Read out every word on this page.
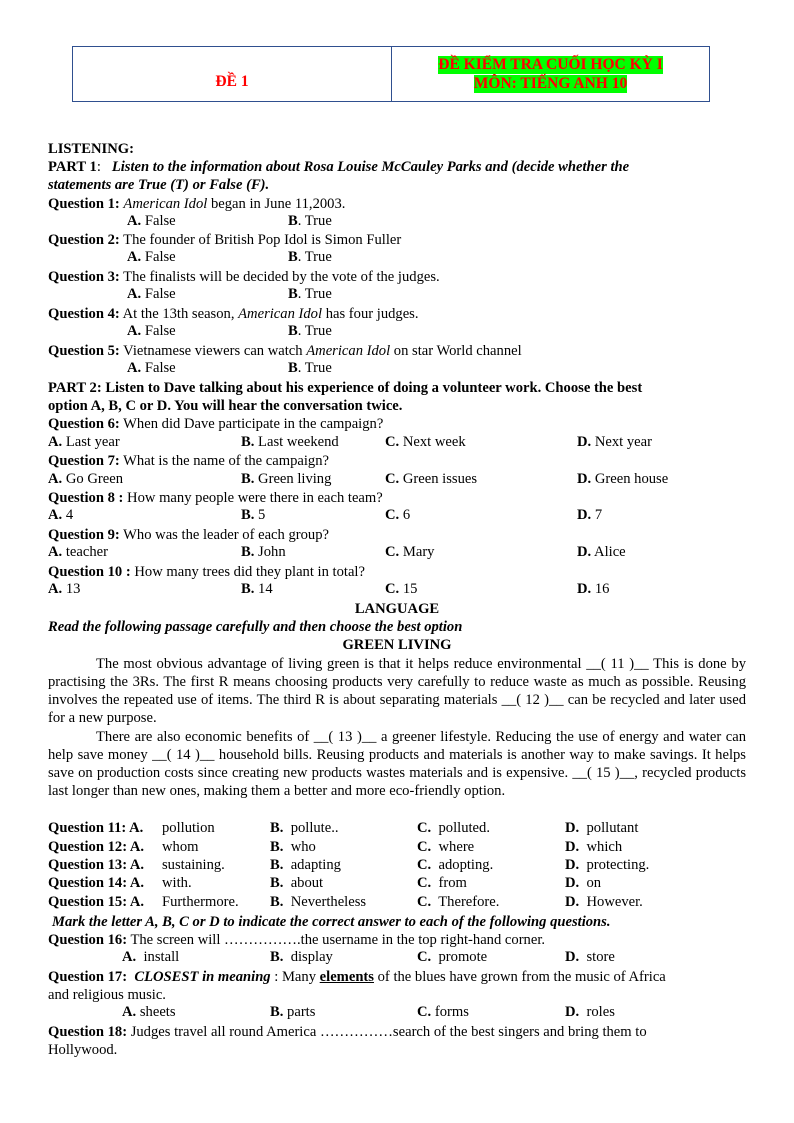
ĐỀ 1
ĐỀ KIỂM TRA CUỐI HỌC KỲ I
MÔN: TIẾNG ANH 10
LISTENING:
PART 1: Listen to the information about Rosa Louise McCauley Parks and (decide whether the
statements are True (T) or False (F).
Question 1: American Idol began in June 11,2003.
A. False	B. True
Question 2: The founder of British Pop Idol is Simon Fuller
A. False	B. True
Question 3: The finalists will be decided by the vote of the judges.
A. False	B. True
Question 4: At the 13th season, American Idol has four judges.
A. False	B. True
Question 5: Vietnamese viewers can watch American Idol on star World channel
A. False	B. True
PART 2: Listen to Dave talking about his experience of doing a volunteer work. Choose the best
option A, B, C or D. You will hear the conversation twice.
Question 6: When did Dave participate in the campaign?
A. Last year	B. Last weekend	C. Next week	D. Next year
Question 7: What is the name of the campaign?
A. Go Green	B. Green living	C. Green issues	D. Green house
Question 8 : How many people were there in each team?
A. 4	B. 5	C. 6	D. 7
Question 9: Who was the leader of each group?
A. teacher	B. John	C. Mary	D. Alice
Question 10 : How many trees did they plant in total?
A. 13	B. 14	C. 15	D. 16
LANGUAGE
Read the following passage carefully and then choose the best option
GREEN LIVING
The most obvious advantage of living green is that it helps reduce environmental __( 11 )__ This is done by practising the 3Rs. The first R means choosing products very carefully to reduce waste as much as possible. Reusing involves the repeated use of items. The third R is about separating materials __( 12 )__ can be recycled and later used for a new purpose.
There are also economic benefits of __( 13 )__ a greener lifestyle. Reducing the use of energy and water can help save money __( 14 )__ household bills. Reusing products and materials is another way to make savings. It helps save on production costs since creating new products wastes materials and is expensive. __( 15 )__, recycled products last longer than new ones, making them a better and more eco-friendly option.
Question 11: A. pollution	B. pollute..	C. polluted.	D. pollutant
Question 12: A. whom	B. who	C. where	D. which
Question 13: A. sustaining.	B. adapting	C. adopting.	D. protecting.
Question 14: A. with.	B. about	C. from	D. on
Question 15: A. Furthermore. B. Nevertheless	C. Therefore.	D. However.
Mark the letter A, B, C or D to indicate the correct answer to each of the following questions.
Question 16: The screen will …………….the username in the top right-hand corner.
A. install	B. display	C. promote	D. store
Question 17: CLOSEST in meaning : Many elements of the blues have grown from the music of Africa
and religious music.
A. sheets	B. parts	C. forms	D. roles
Question 18: Judges travel all round America ……………search of the best singers and bring them to
Hollywood.
